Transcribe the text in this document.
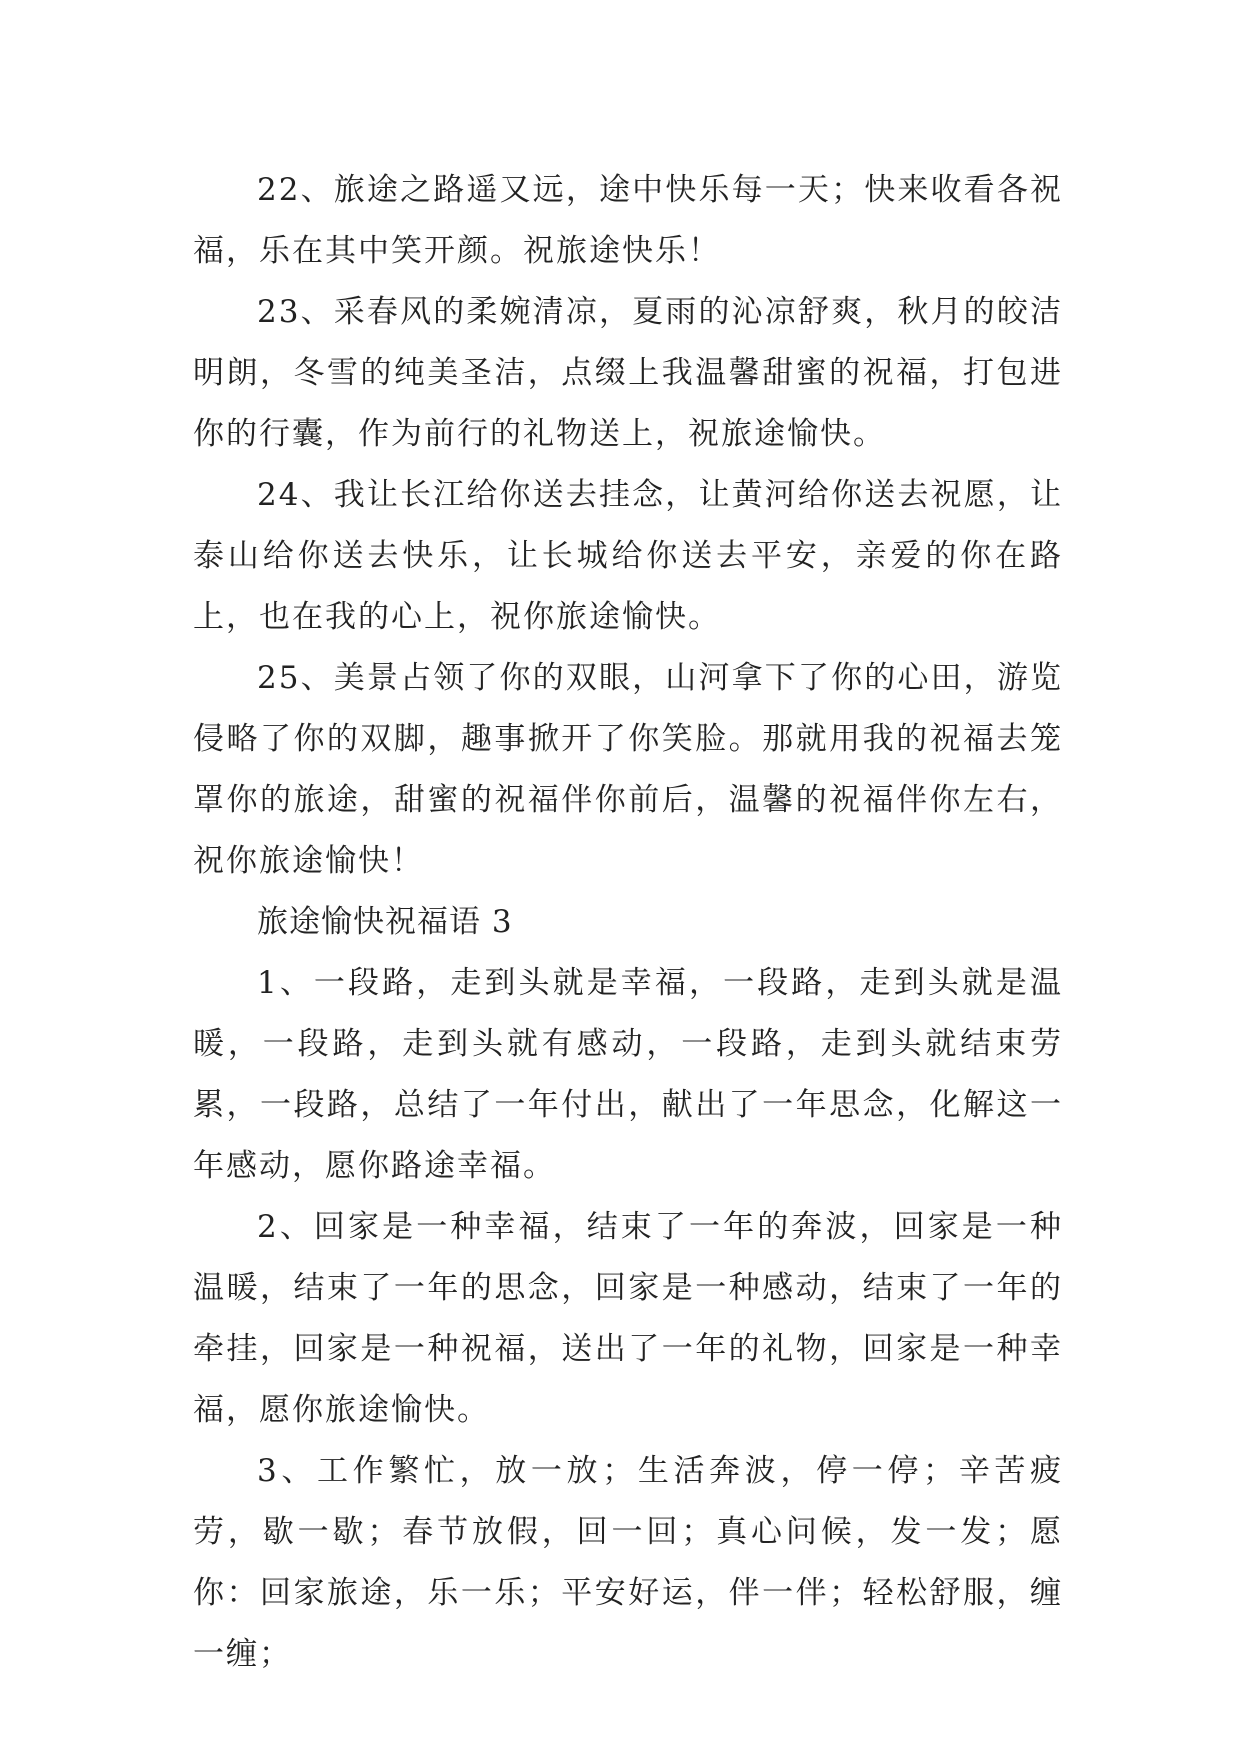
22、旅途之路遥又远，途中快乐每一天；快来收看各祝福，乐在其中笑开颜。祝旅途快乐！

23、采春风的柔婉清凉，夏雨的沁凉舒爽，秋月的皎洁明朗，冬雪的纯美圣洁，点缀上我温馨甜蜜的祝福，打包进你的行囊，作为前行的礼物送上，祝旅途愉快。

24、我让长江给你送去挂念，让黄河给你送去祝愿，让泰山给你送去快乐，让长城给你送去平安，亲爱的你在路上，也在我的心上，祝你旅途愉快。

25、美景占领了你的双眼，山河拿下了你的心田，游览侵略了你的双脚，趣事掀开了你笑脸。那就用我的祝福去笼罩你的旅途，甜蜜的祝福伴你前后，温馨的祝福伴你左右，祝你旅途愉快！

旅途愉快祝福语 3

1、一段路，走到头就是幸福，一段路，走到头就是温暖，一段路，走到头就有感动，一段路，走到头就结束劳累，一段路，总结了一年付出，献出了一年思念，化解这一年感动，愿你路途幸福。

2、回家是一种幸福，结束了一年的奔波，回家是一种温暖，结束了一年的思念，回家是一种感动，结束了一年的牵挂，回家是一种祝福，送出了一年的礼物，回家是一种幸福，愿你旅途愉快。

3、工作繁忙，放一放；生活奔波，停一停；辛苦疲劳，歇一歇；春节放假，回一回；真心问候，发一发；愿你：回家旅途，乐一乐；平安好运，伴一伴；轻松舒服，缠一缠；
